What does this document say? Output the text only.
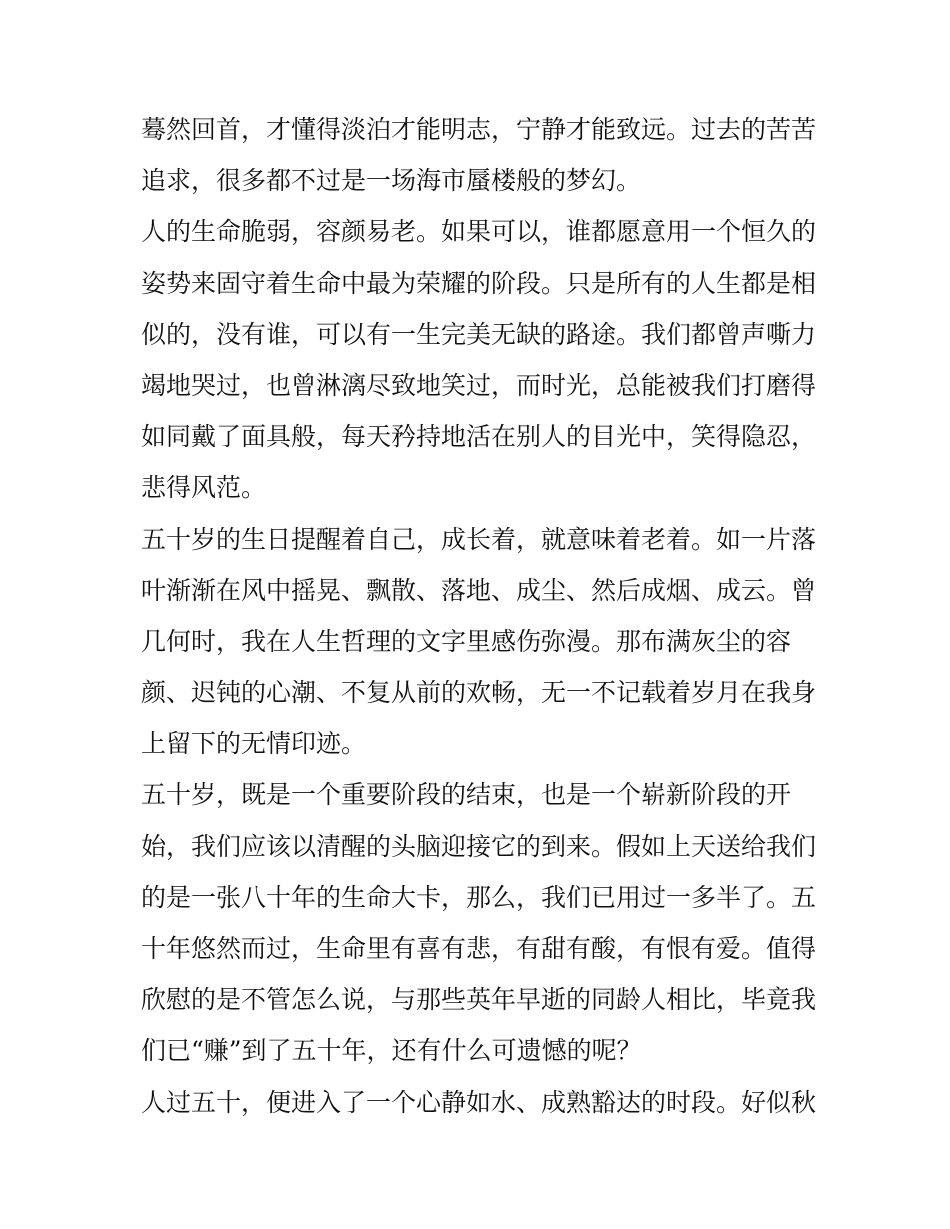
蓦然回首，才懂得淡泊才能明志，宁静才能致远。过去的苦苦
追求，很多都不过是一场海市蜃楼般的梦幻。
人的生命脆弱，容颜易老。如果可以，谁都愿意用一个恒久的
姿势来固守着生命中最为荣耀的阶段。只是所有的人生都是相
似的，没有谁，可以有一生完美无缺的路途。我们都曾声嘶力
竭地哭过，也曾淋漓尽致地笑过，而时光，总能被我们打磨得
如同戴了面具般，每天矜持地活在别人的目光中，笑得隐忍，
悲得风范。
五十岁的生日提醒着自己，成长着，就意味着老着。如一片落
叶渐渐在风中摇晃、飘散、落地、成尘、然后成烟、成云。曾
几何时，我在人生哲理的文字里感伤弥漫。那布满灰尘的容
颜、迟钝的心潮、不复从前的欢畅，无一不记载着岁月在我身
上留下的无情印迹。
五十岁，既是一个重要阶段的结束，也是一个崭新阶段的开
始，我们应该以清醒的头脑迎接它的到来。假如上天送给我们
的是一张八十年的生命大卡，那么，我们已用过一多半了。五
十年悠然而过，生命里有喜有悲，有甜有酸，有恨有爱。值得
欣慰的是不管怎么说，与那些英年早逝的同龄人相比，毕竟我
们已“赚”到了五十年，还有什么可遗憾的呢？
人过五十，便进入了一个心静如水、成熟豁达的时段。好似秋
